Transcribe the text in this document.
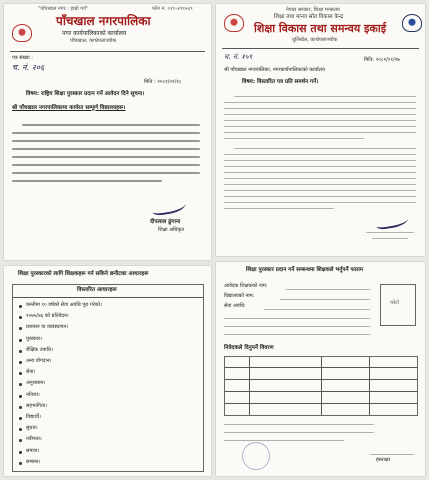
"पाँचखाल नगर : हाम्रो गर्व"	फोन नं. ०११-४९९५४९
पाँचखाल नगरपालिका
नगर कार्यपालिकाको कार्यालय
पाँचखाल, काभ्रेपलाञ्चोक
पत्र संख्या :
च. नं. २०६
मिति : २०८१/०१/१८
विषय: राष्ट्रिय शिक्षा पुरस्कार प्रदान गर्ने आवेदन दिने सूचना।
श्री पाँचखाल नगरपालिकामा कार्यरत सम्पूर्ण विद्यालयहरू।
दीपलाल ढुंगाना
शिक्षा अधिकृत
शिक्षा पुरस्कारको लागि शिक्षकहरू गर्न सकिने छनौटका आधारहरू
विस्तारित आधारहरू
कम्तीमा १० वर्षको सेवा अवधि पूरा गरेको।
२०७५/७६ को प्रतिवेदन।
प्रशासन वा व्यवस्थापन।
पुरस्कार।
शैक्षिक उपाधि।
अन्य योगदान।
सेवा।
अनुशासन।
नतिजा।
सहभागिता।
विद्यार्थी।
सुधार।
नवीनता।
समाज।
सम्बन्ध।
नेपाल सरकार, शिक्षा मन्त्रालय
शिक्षा तथा मानव स्रोत विकास केन्द्र
शिक्षा विकास तथा समन्वय इकाई
धुलिखेल, काभ्रेपलाञ्चोक
च. नं. १५९	मिति: २०८१/०१/२७
श्री पाँचखाल नगरपालिका, नगरकार्यपालिकाको कार्यालय
विषय: विस्तारित पत्र प्रति समर्थन गर्ने।
शिक्षा पुरस्कार प्रदान गर्ने सम्बन्धमा शिक्षकले भर्नुपर्ने फाराम
आवेदक शिक्षकको नाम:
विद्यालयको नाम:
सेवा अवधि:	फोटो
निवेदकले दिनुपर्ने विवरण
हस्ताक्षर
